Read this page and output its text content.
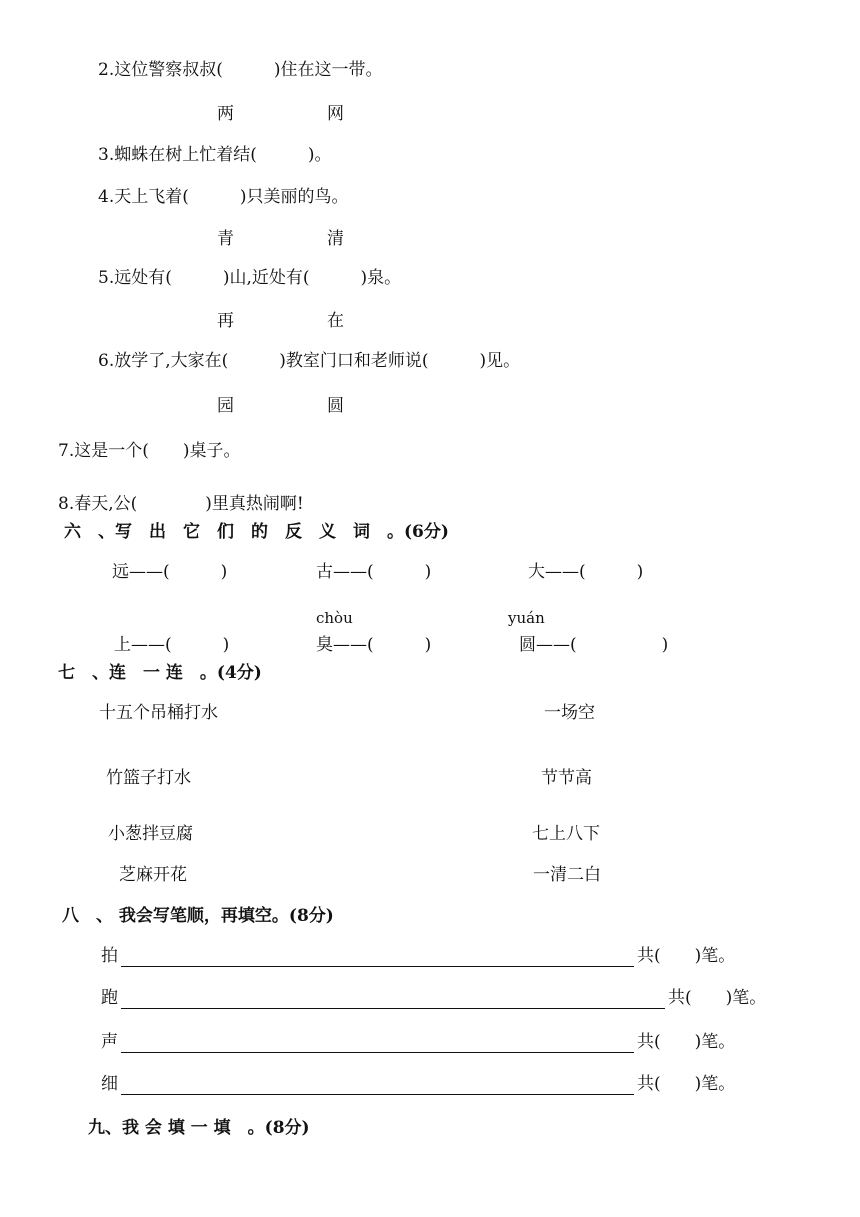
2.这位警察叔叔(　　　)住在这一带。
两	网
3.蜘蛛在树上忙着结(　　　)。
4.天上飞着(　　　)只美丽的鸟。
青	清
5.远处有(　　　)山,近处有(　　　)泉。
再	在
6.放学了,大家在(　　　)教室门口和老师说(　　　)见。
园	圆
7.这是一个(　　)桌子。
8.春天,公(　　　　)里真热闹啊!
六　、写　出　它　们　的　反　义　词　。(6分)
远——(　　　)	古——(　　　)	大——(　　　)
chòu	yuán
上——(　　　)	臭——(　　　)	圆——(　　　　　)
七　、连　一 连　。(4分)
十五个吊桶打水	一场空
竹篮子打水	节节高
小葱拌豆腐	七上八下
芝麻开花	一清二白
八　、 我会写笔顺，再填空。(8分)
拍	共(　　)笔。
跑	共(　　)笔。
声	共(　　)笔。
细	共(　　)笔。
九、我 会 填 一 填　。(8分)
